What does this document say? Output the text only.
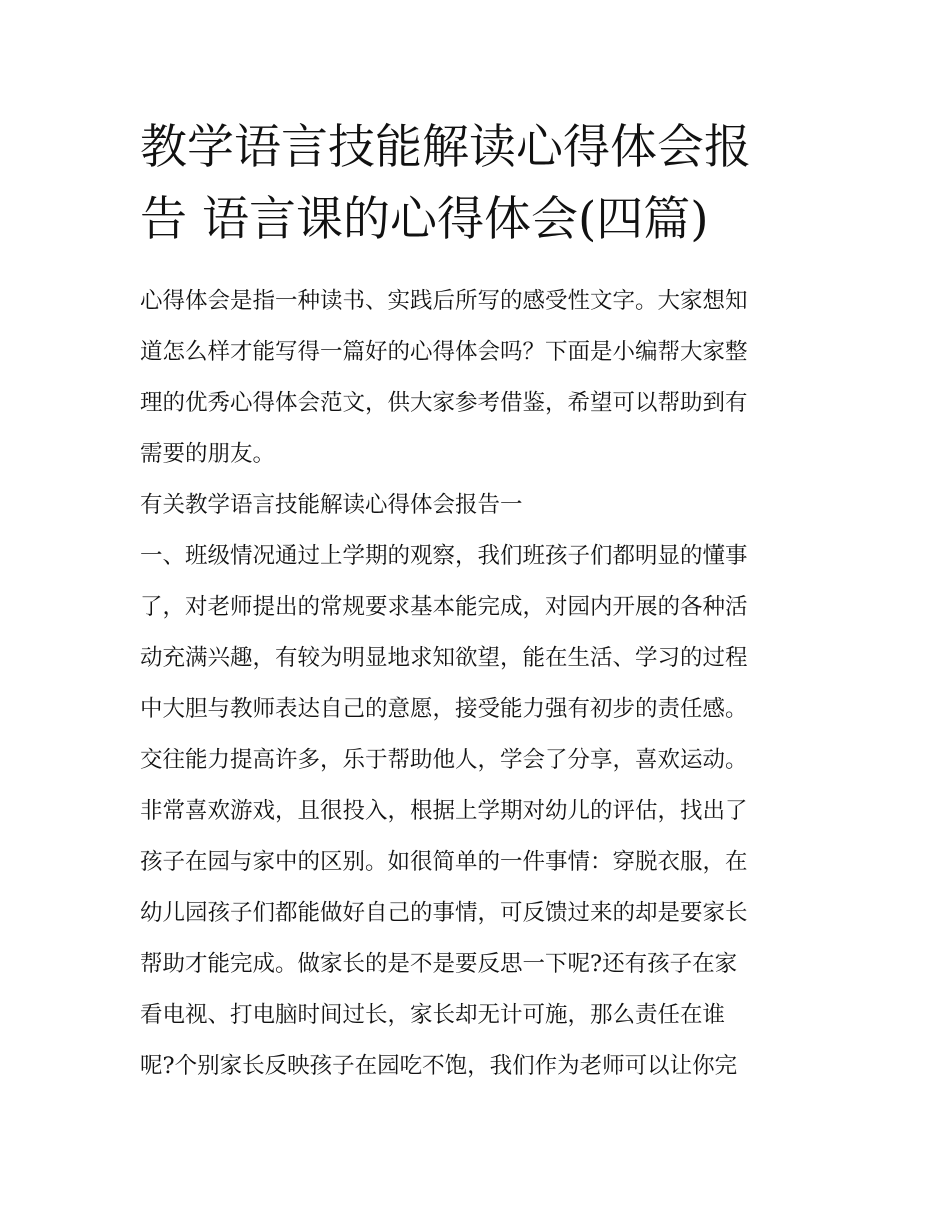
教学语言技能解读心得体会报
告 语言课的心得体会(四篇)
心得体会是指一种读书、实践后所写的感受性文字。大家想知
道怎么样才能写得一篇好的心得体会吗？下面是小编帮大家整
理的优秀心得体会范文，供大家参考借鉴，希望可以帮助到有
需要的朋友。
有关教学语言技能解读心得体会报告一
一、班级情况通过上学期的观察，我们班孩子们都明显的懂事
了，对老师提出的常规要求基本能完成，对园内开展的各种活
动充满兴趣，有较为明显地求知欲望，能在生活、学习的过程
中大胆与教师表达自己的意愿，接受能力强有初步的责任感。
交往能力提高许多，乐于帮助他人，学会了分享，喜欢运动。
非常喜欢游戏，且很投入，根据上学期对幼儿的评估，找出了
孩子在园与家中的区别。如很简单的一件事情：穿脱衣服，在
幼儿园孩子们都能做好自己的事情，可反馈过来的却是要家长
帮助才能完成。做家长的是不是要反思一下呢?还有孩子在家
看电视、打电脑时间过长，家长却无计可施，那么责任在谁
呢?个别家长反映孩子在园吃不饱，我们作为老师可以让你完
